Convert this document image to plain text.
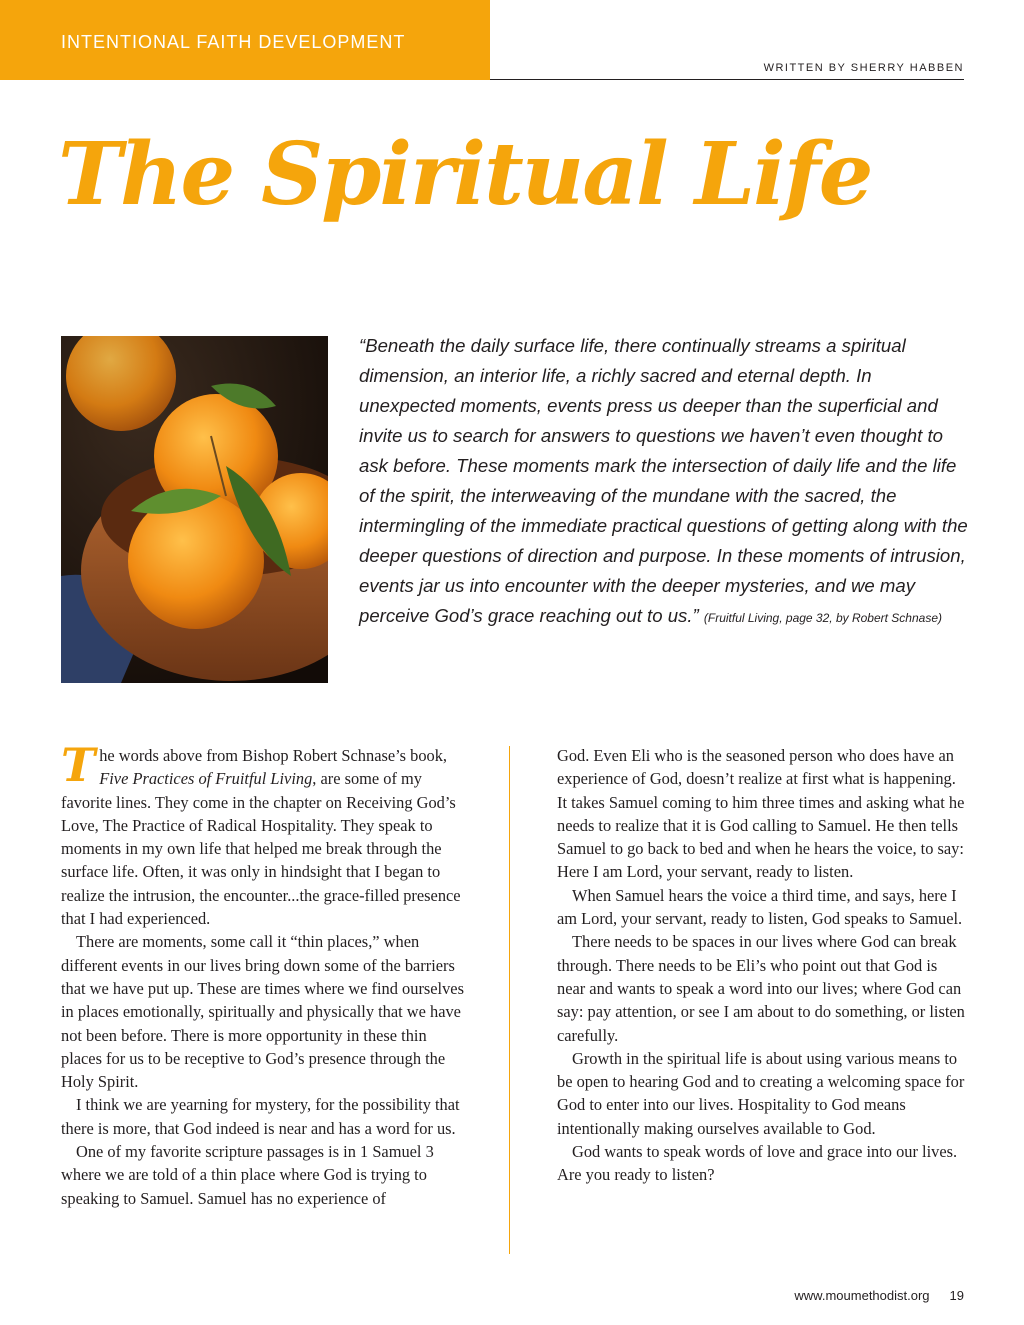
INTENTIONAL FAITH DEVELOPMENT
WRITTEN BY SHERRY HABBEN
The Spiritual Life

“Beneath the daily surface life, there continually streams a spiritual dimension, an interior life, a richly sacred and eternal depth. In unexpected moments, events press us deeper than the superficial and invite us to search for answers to questions we haven’t even thought to ask before. These moments mark the intersection of daily life and the life of the spirit, the interweaving of the mundane with the sacred, the intermingling of the immediate practical questions of getting along with the deeper questions of direction and purpose. In these moments of intrusion, events jar us into encounter with the deeper mysteries, and we may perceive God’s grace reaching out to us.” (Fruitful Living, page 32, by Robert Schnase)

The words above from Bishop Robert Schnase’s book, Five Practices of Fruitful Living, are some of my favorite lines. They come in the chapter on Receiving God’s Love, The Practice of Radical Hospitality. They speak to moments in my own life that helped me break through the surface life. Often, it was only in hindsight that I began to realize the intrusion, the encounter...the grace-filled presence that I had experienced.

There are moments, some call it “thin places,” when different events in our lives bring down some of the barriers that we have put up. These are times where we find ourselves in places emotionally, spiritually and physically that we have not been before. There is more opportunity in these thin places for us to be receptive to God’s presence through the Holy Spirit.

I think we are yearning for mystery, for the possibility that there is more, that God indeed is near and has a word for us.

One of my favorite scripture passages is in 1 Samuel 3 where we are told of a thin place where God is trying to speaking to Samuel. Samuel has no experience of

God. Even Eli who is the seasoned person who does have an experience of God, doesn’t realize at first what is happening. It takes Samuel coming to him three times and asking what he needs to realize that it is God calling to Samuel. He then tells Samuel to go back to bed and when he hears the voice, to say: Here I am Lord, your servant, ready to listen.

When Samuel hears the voice a third time, and says, here I am Lord, your servant, ready to listen, God speaks to Samuel.

There needs to be spaces in our lives where God can break through. There needs to be Eli’s who point out that God is near and wants to speak a word into our lives; where God can say: pay attention, or see I am about to do something, or listen carefully.

Growth in the spiritual life is about using various means to be open to hearing God and to creating a welcoming space for God to enter into our lives. Hospitality to God means intentionally making ourselves available to God.

God wants to speak words of love and grace into our lives. Are you ready to listen?

www.moumethodist.org 19
